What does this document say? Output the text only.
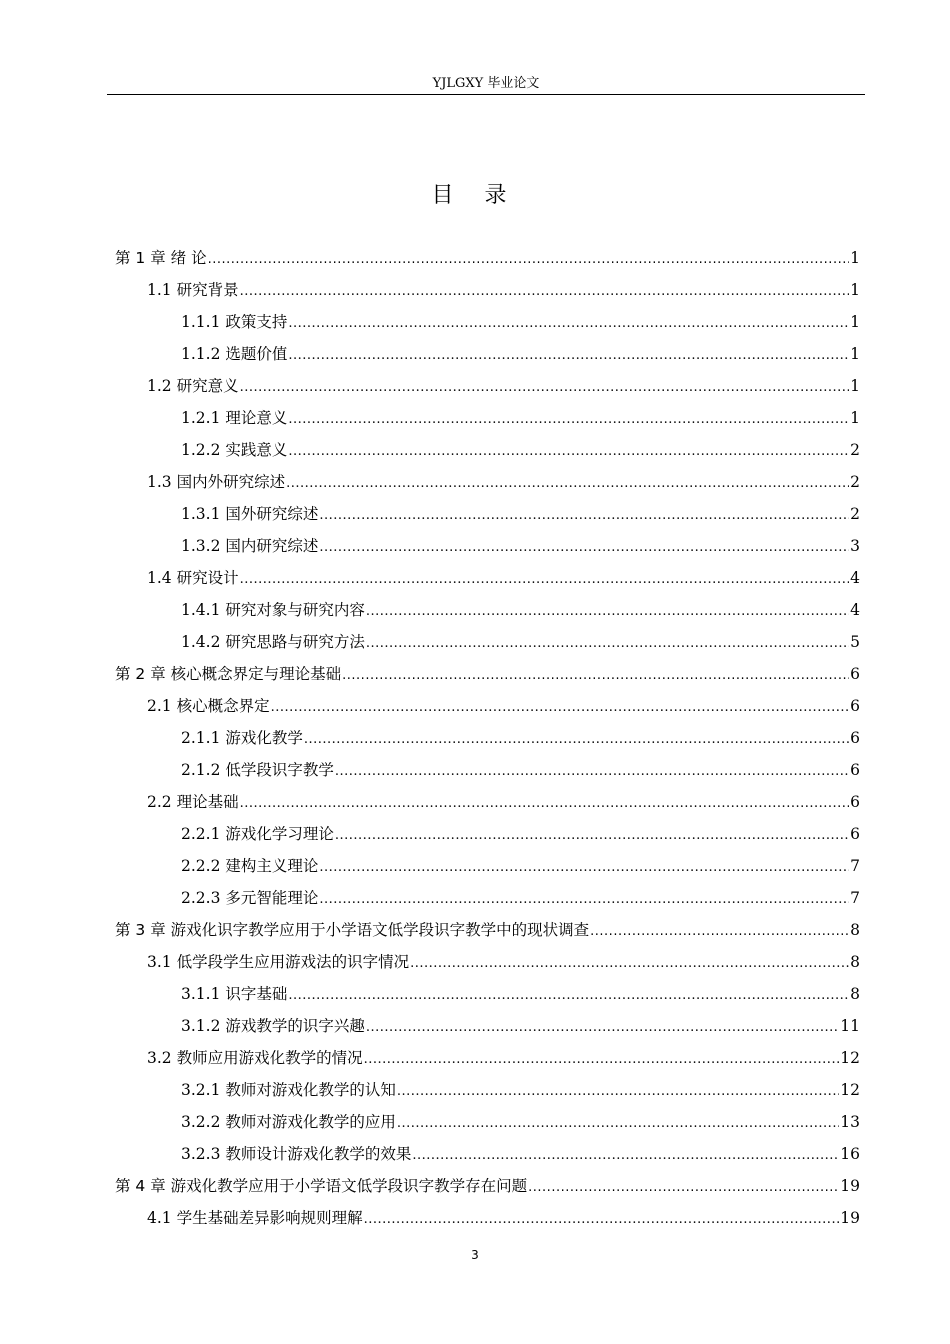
YJLGXY 毕业论文
目 录
第 1 章 绪 论 .....	1
1.1 研究背景 .....	1
1.1.1 政策支持 .....	1
1.1.2 选题价值 .....	1
1.2 研究意义 .....	1
1.2.1 理论意义 .....	1
1.2.2 实践意义 .....	2
1.3 国内外研究综述 .....	2
1.3.1 国外研究综述 .....	2
1.3.2 国内研究综述 .....	3
1.4 研究设计 .....	4
1.4.1 研究对象与研究内容 .....	4
1.4.2 研究思路与研究方法 .....	5
第 2 章 核心概念界定与理论基础 .....	6
2.1 核心概念界定 .....	6
2.1.1 游戏化教学 .....	6
2.1.2 低学段识字教学 .....	6
2.2 理论基础 .....	6
2.2.1 游戏化学习理论 .....	6
2.2.2 建构主义理论 .....	7
2.2.3 多元智能理论 .....	7
第 3 章 游戏化识字教学应用于小学语文低学段识字教学中的现状调查 .....	8
3.1 低学段学生应用游戏法的识字情况 .....	8
3.1.1 识字基础 .....	8
3.1.2 游戏教学的识字兴趣 .....	11
3.2 教师应用游戏化教学的情况 .....	12
3.2.1 教师对游戏化教学的认知 .....	12
3.2.2 教师对游戏化教学的应用 .....	13
3.2.3 教师设计游戏化教学的效果 .....	16
第 4 章 游戏化教学应用于小学语文低学段识字教学存在问题 .....	19
4.1 学生基础差异影响规则理解 .....	19
3
